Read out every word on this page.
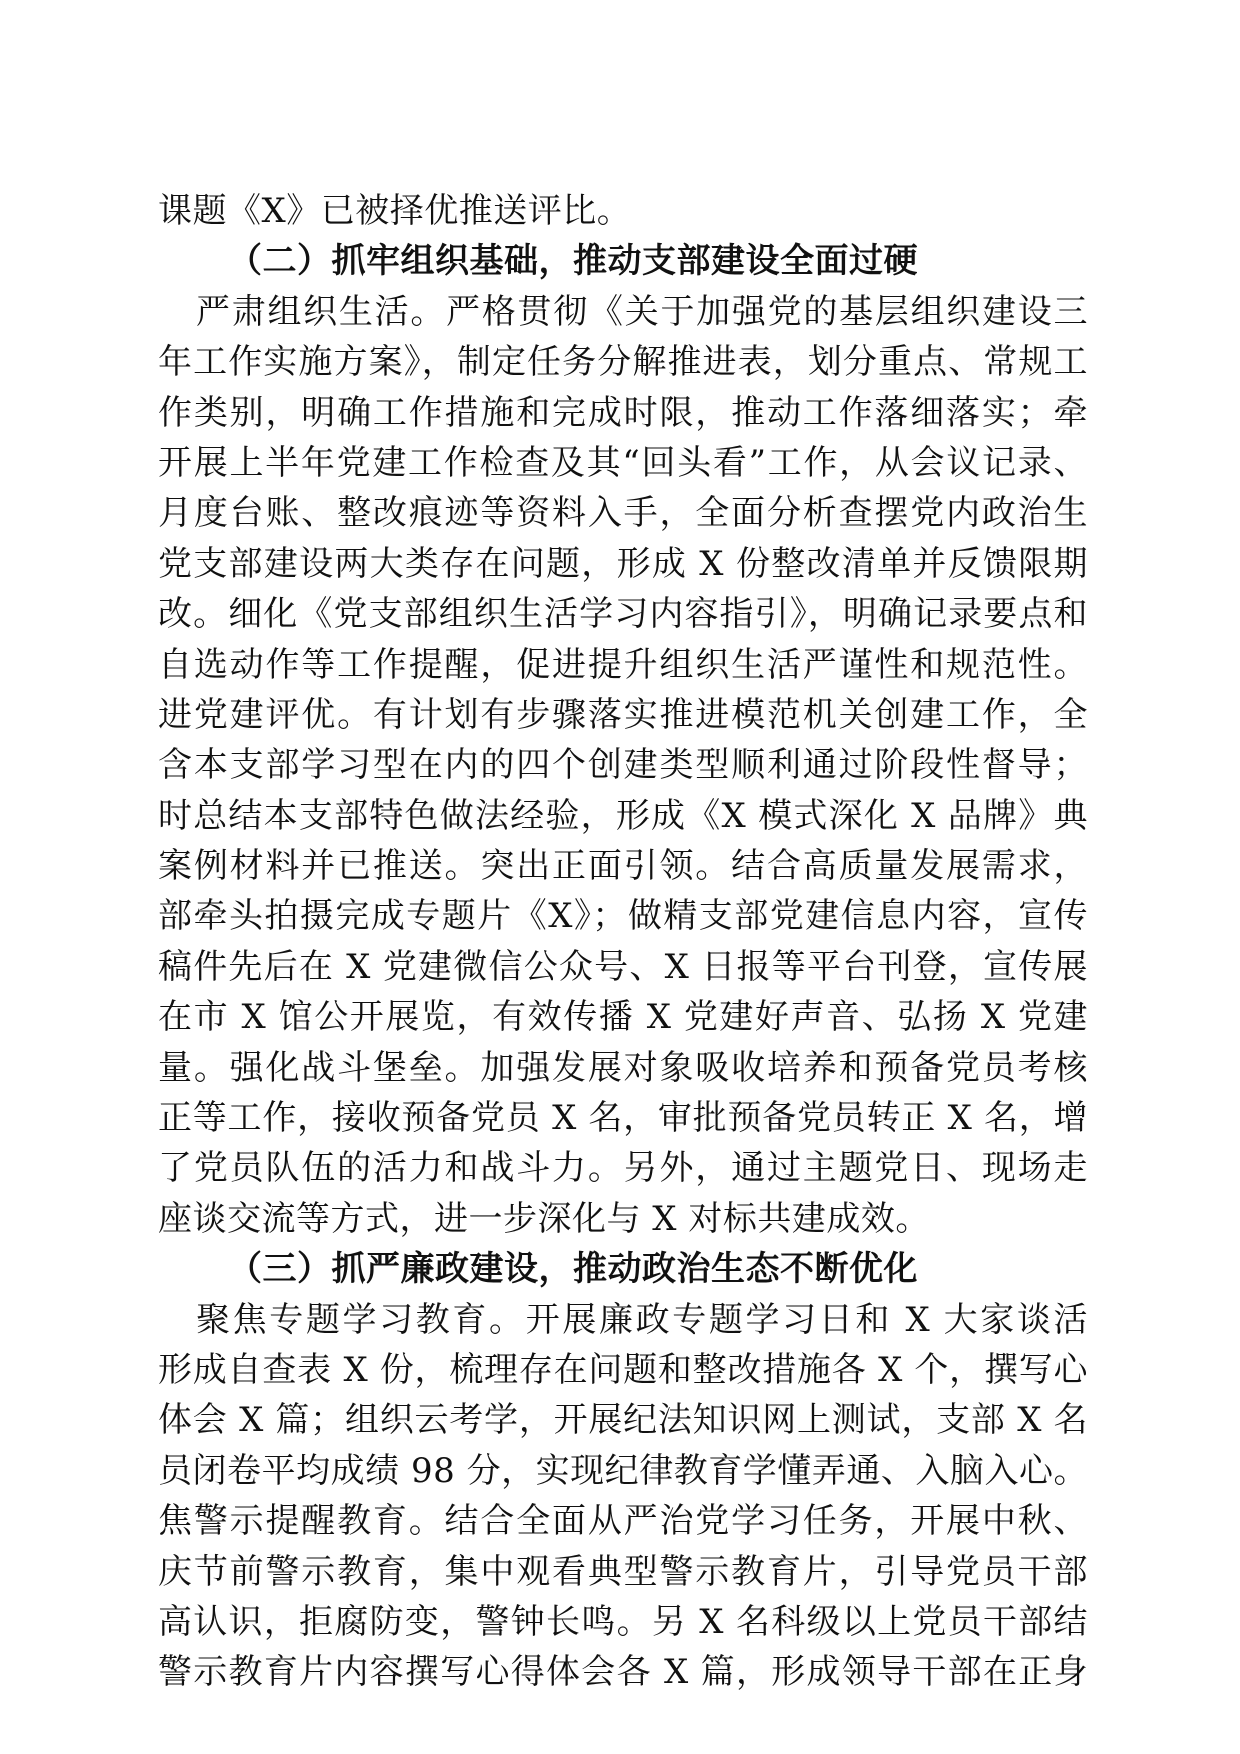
课题《X》已被择优推送评比。
（二）抓牢组织基础，推动支部建设全面过硬
严肃组织生活。严格贯彻《关于加强党的基层组织建设三
年工作实施方案》，制定任务分解推进表，划分重点、常规工
作类别，明确工作措施和完成时限，推动工作落细落实；牵
开展上半年党建工作检查及其“回头看”工作，从会议记录、
月度台账、整改痕迹等资料入手，全面分析查摆党内政治生
党支部建设两大类存在问题，形成 X 份整改清单并反馈限期
改。细化《党支部组织生活学习内容指引》，明确记录要点和
自选动作等工作提醒，促进提升组织生活严谨性和规范性。
进党建评优。有计划有步骤落实推进模范机关创建工作，全
含本支部学习型在内的四个创建类型顺利通过阶段性督导；
时总结本支部特色做法经验，形成《X 模式深化 X 品牌》典
案例材料并已推送。突出正面引领。结合高质量发展需求，
部牵头拍摄完成专题片《X》；做精支部党建信息内容，宣传
稿件先后在 X 党建微信公众号、X 日报等平台刊登，宣传展
在市 X 馆公开展览，有效传播 X 党建好声音、弘扬 X 党建
量。强化战斗堡垒。加强发展对象吸收培养和预备党员考核
正等工作，接收预备党员 X 名，审批预备党员转正 X 名，增
了党员队伍的活力和战斗力。另外，通过主题党日、现场走
座谈交流等方式，进一步深化与 X 对标共建成效。
（三）抓严廉政建设，推动政治生态不断优化
聚焦专题学习教育。开展廉政专题学习日和 X 大家谈活
形成自查表 X 份，梳理存在问题和整改措施各 X 个，撰写心
体会 X 篇；组织云考学，开展纪法知识网上测试，支部 X 名
员闭卷平均成绩 98 分，实现纪律教育学懂弄通、入脑入心。
焦警示提醒教育。结合全面从严治党学习任务，开展中秋、
庆节前警示教育，集中观看典型警示教育片，引导党员干部
高认识，拒腐防变，警钟长鸣。另 X 名科级以上党员干部结
警示教育片内容撰写心得体会各 X 篇，形成领导干部在正身
